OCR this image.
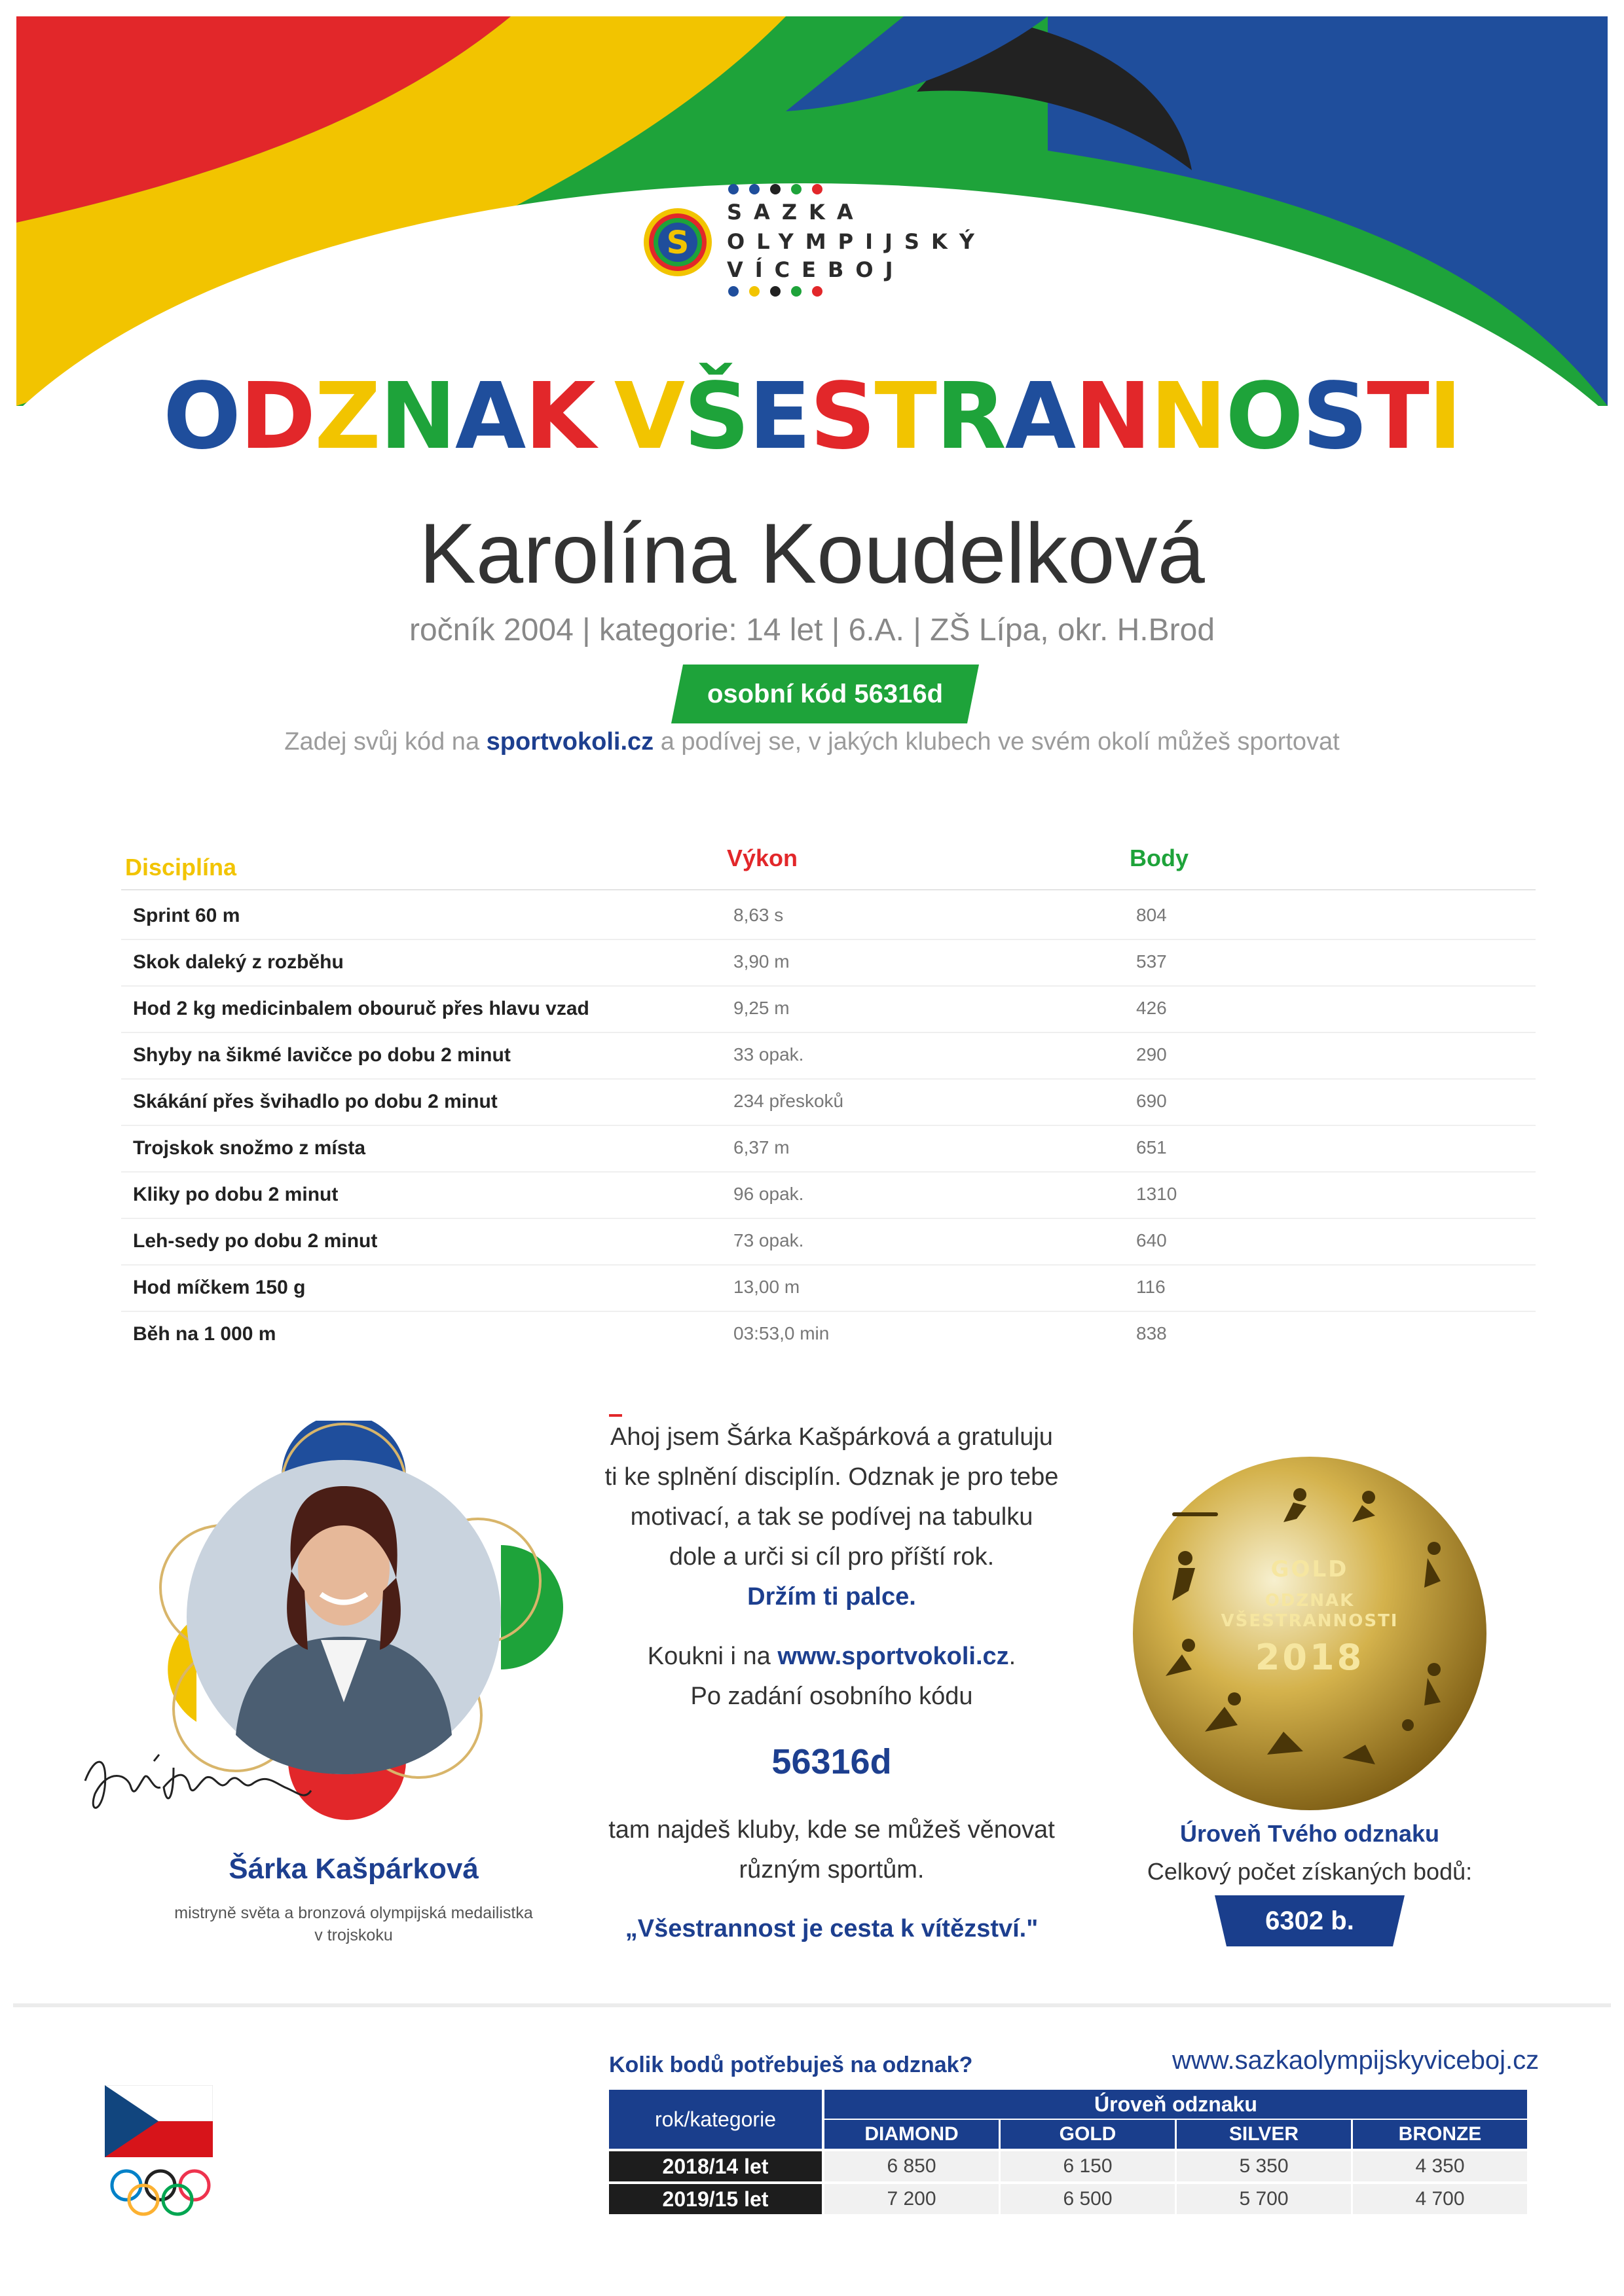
S
SAZKA
OLYMPIJSKÝ
VÍCEBOJ
ODZNAK VŠESTRANNOSTI
Karolína Koudelková
ročník 2004 | kategorie: 14 let | 6.A. | ZŠ Lípa, okr. H.Brod
osobní kód 56316d
Zadej svůj kód na sportvokoli.cz a podívej se, v jakých klubech ve svém okolí můžeš sportovat
Disciplína	Výkon	Body
Sprint 60 m	8,63 s	804
Skok daleký z rozběhu	3,90 m	537
Hod 2 kg medicinbalem obouruč přes hlavu vzad	9,25 m	426
Shyby na šikmé lavičce po dobu 2 minut	33 opak.	290
Skákání přes švihadlo po dobu 2 minut	234 přeskoků	690
Trojskok snožmo z místa	6,37 m	651
Kliky po dobu 2 minut	96 opak.	1310
Leh-sedy po dobu 2 minut	73 opak.	640
Hod míčkem 150 g	13,00 m	116
Běh na 1 000 m	03:53,0 min	838
Šárka Kašpárková
mistryně světa a bronzová olympijská medailistka
v trojskoku
Ahoj jsem Šárka Kašpárková a gratuluju
ti ke splnění disciplín. Odznak je pro tebe
motivací, a tak se podívej na tabulku
dole a urči si cíl pro příští rok.
Držím ti palce.
Koukni i na www.sportvokoli.cz.
Po zadání osobního kódu
56316d
tam najdeš kluby, kde se můžeš věnovat
různým sportům.
„Všestrannost je cesta k vítězství."
GOLD
ODZNAK
VŠESTRANNOSTI
2018
Úroveň Tvého odznaku
Celkový počet získaných bodů:
6302 b.
Kolik bodů potřebuješ na odznak?	www.sazkaolympijskyviceboj.cz
rok/kategorie
Úroveň odznaku
DIAMOND	GOLD	SILVER	BRONZE
2018/14 let	6 850	6 150	5 350	4 350
2019/15 let	7 200	6 500	5 700	4 700
